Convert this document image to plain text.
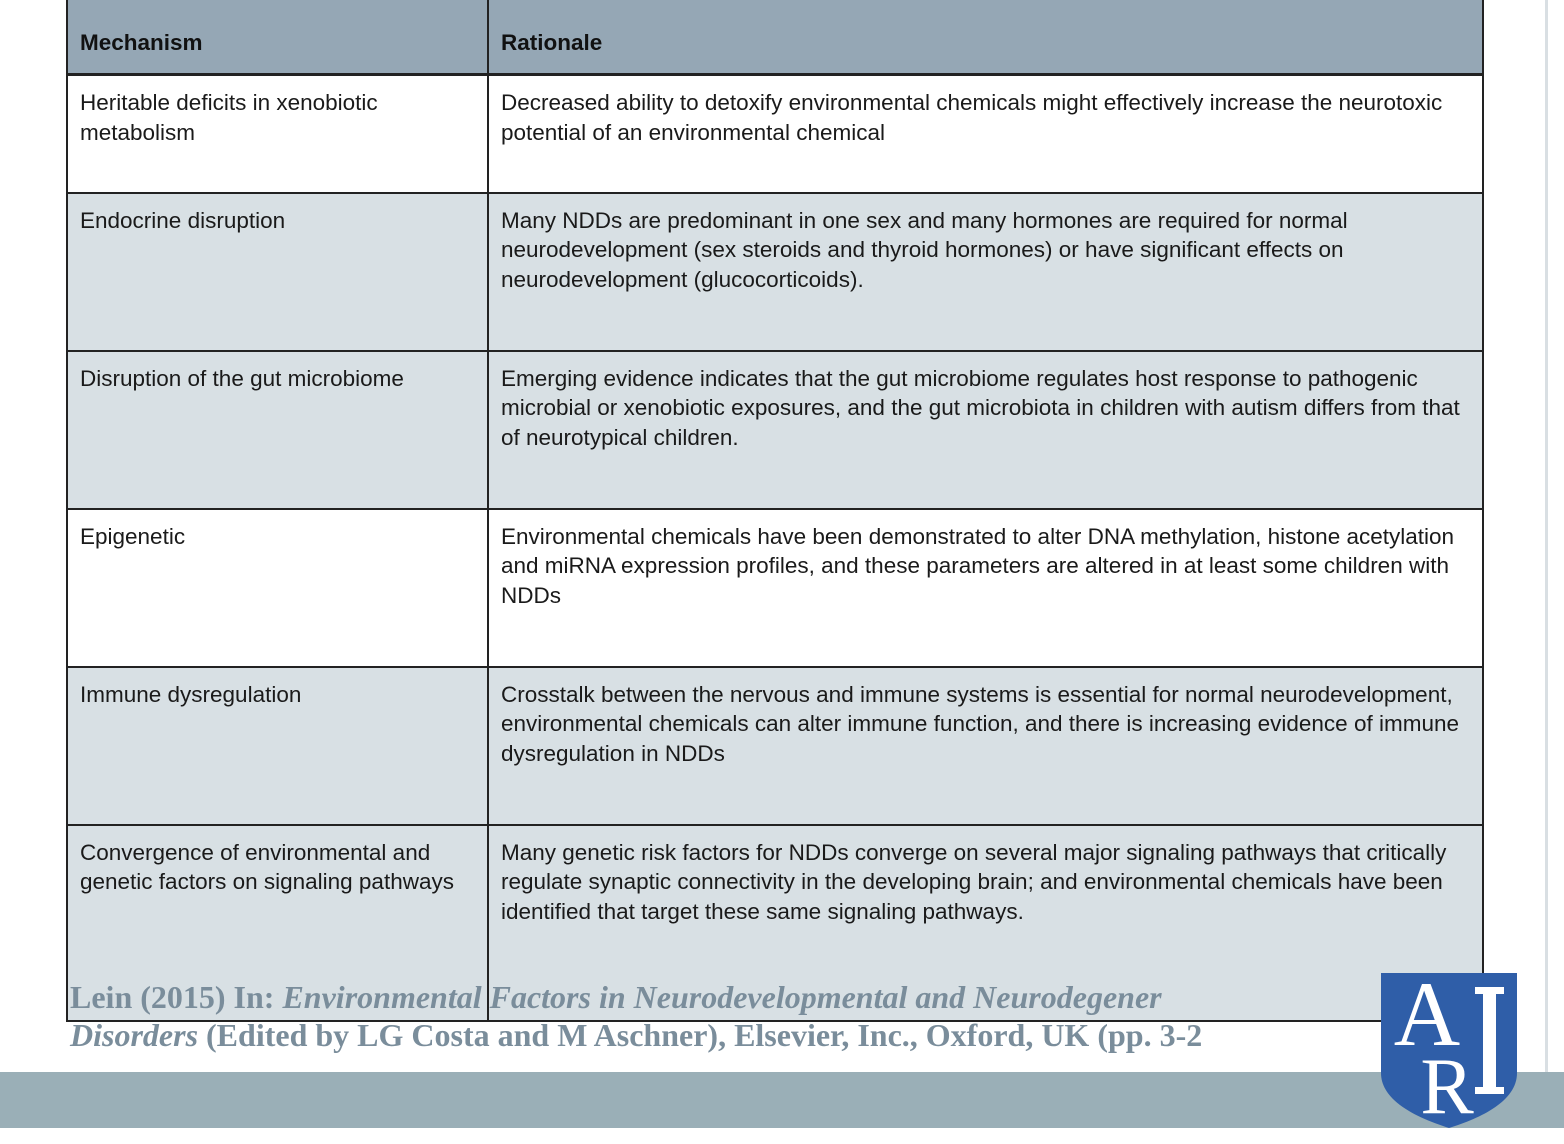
Mechanism	Rationale
Heritable deficits in xenobiotic metabolism	Decreased ability to detoxify environmental chemicals might effectively increase the neurotoxic potential of an environmental chemical
Endocrine disruption	Many NDDs are predominant in one sex and many hormones are required for normal neurodevelopment (sex steroids and thyroid hormones) or have significant effects on neurodevelopment (glucocorticoids).
Disruption of the gut microbiome	Emerging evidence indicates that the gut microbiome regulates host response to pathogenic microbial or xenobiotic exposures, and the gut microbiota in children with autism differs from that of neurotypical children.
Epigenetic	Environmental chemicals have been demonstrated to alter DNA methylation, histone acetylation and miRNA expression profiles, and these parameters are altered in at least some children with NDDs
Immune dysregulation	Crosstalk between the nervous and immune systems is essential for normal neurodevelopment, environmental chemicals can alter immune function, and there is increasing evidence of immune dysregulation in NDDs
Convergence of environmental and genetic factors on signaling pathways	Many genetic risk factors for NDDs converge on several major signaling pathways that critically regulate synaptic connectivity in the developing brain; and environmental chemicals have been identified that target these same signaling pathways.
Lein (2015) In: Environmental Factors in Neurodevelopmental and Neurodegener
Disorders (Edited by LG Costa and M Aschner), Elsevier, Inc., Oxford, UK (pp. 3-2	A
R
